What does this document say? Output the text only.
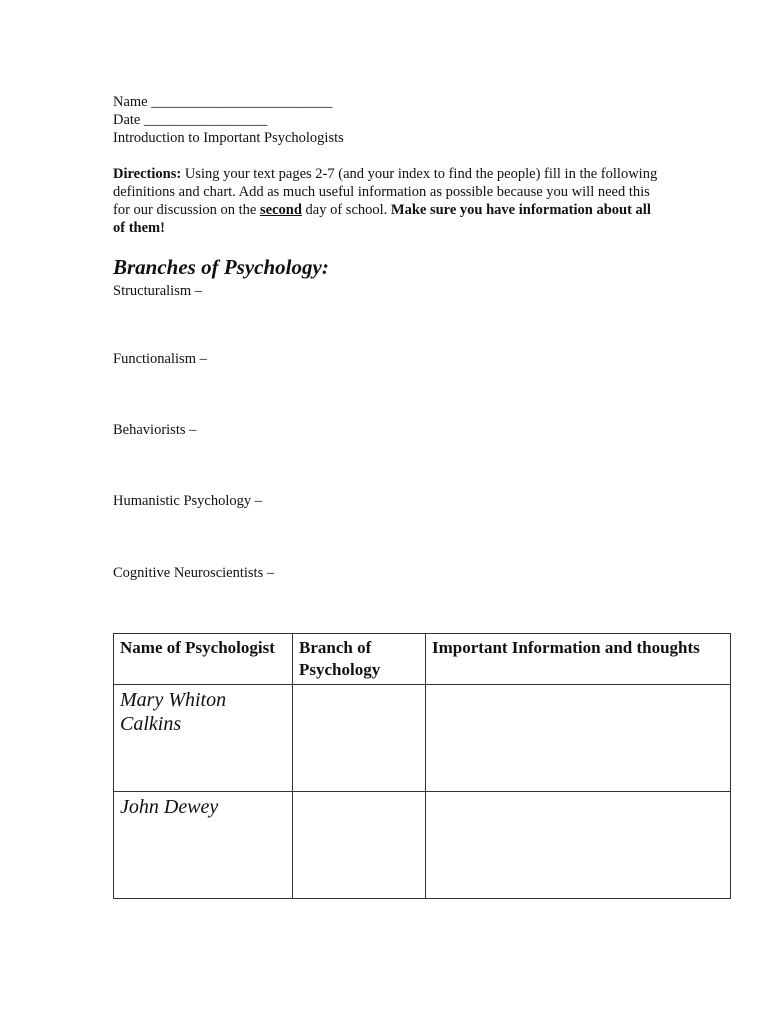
Name _________________________
Date _________________
Introduction to Important Psychologists
Directions: Using your text pages 2-7 (and your index to find the people) fill in the following definitions and chart. Add as much useful information as possible because you will need this for our discussion on the second day of school. Make sure you have information about all of them!
Branches of Psychology:
Structuralism –
Functionalism –
Behaviorists –
Humanistic Psychology –
Cognitive Neuroscientists –
Name of Psychologist	Branch of Psychology	Important Information and thoughts
Mary Whiton Calkins		
John Dewey		
